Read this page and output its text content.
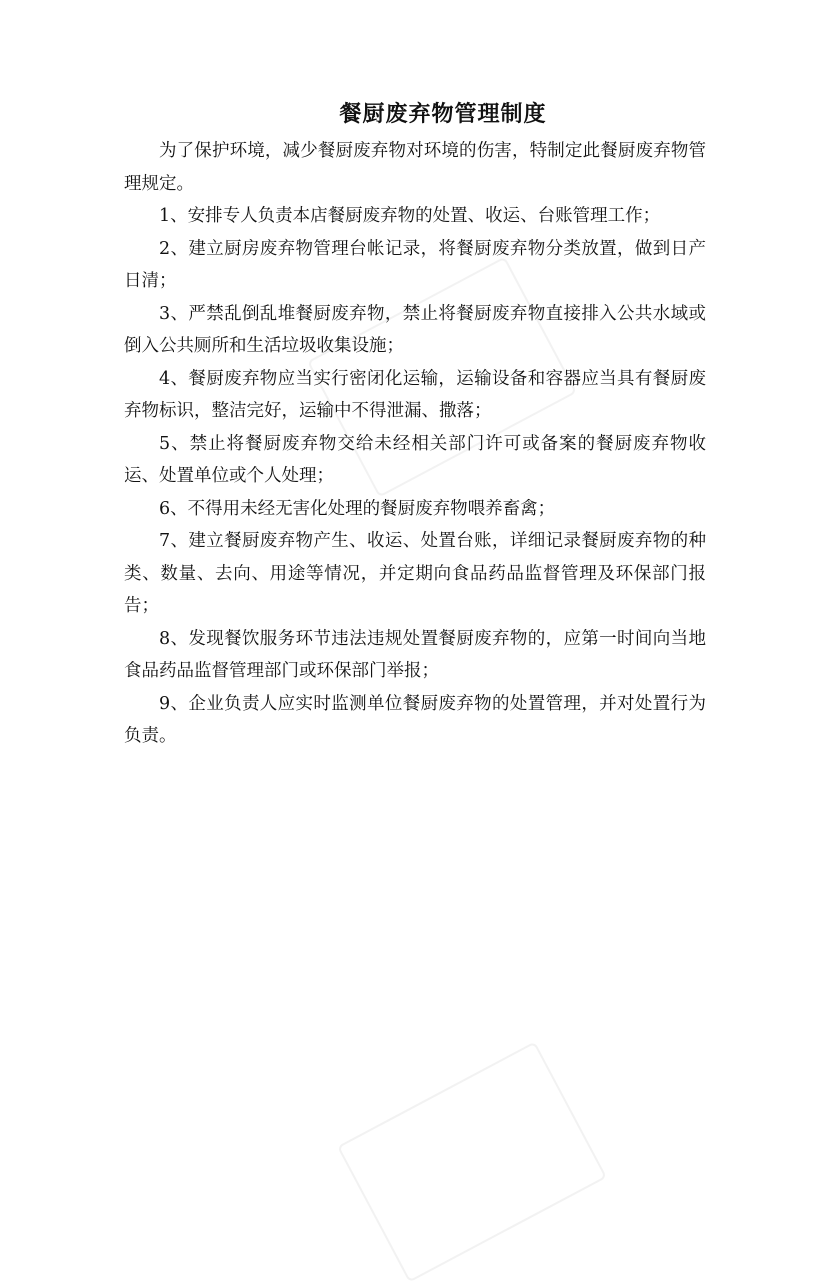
餐厨废弃物管理制度

为了保护环境，减少餐厨废弃物对环境的伤害，特制定此餐厨废弃物管理规定。

1、安排专人负责本店餐厨废弃物的处置、收运、台账管理工作；

2、建立厨房废弃物管理台帐记录，将餐厨废弃物分类放置，做到日产日清；

3、严禁乱倒乱堆餐厨废弃物，禁止将餐厨废弃物直接排入公共水域或倒入公共厕所和生活垃圾收集设施；

4、餐厨废弃物应当实行密闭化运输，运输设备和容器应当具有餐厨废弃物标识，整洁完好，运输中不得泄漏、撒落；

5、禁止将餐厨废弃物交给未经相关部门许可或备案的餐厨废弃物收运、处置单位或个人处理；

6、不得用未经无害化处理的餐厨废弃物喂养畜禽；

7、建立餐厨废弃物产生、收运、处置台账，详细记录餐厨废弃物的种类、数量、去向、用途等情况，并定期向食品药品监督管理及环保部门报告；

8、发现餐饮服务环节违法违规处置餐厨废弃物的，应第一时间向当地食品药品监督管理部门或环保部门举报；

9、企业负责人应实时监测单位餐厨废弃物的处置管理，并对处置行为负责。
